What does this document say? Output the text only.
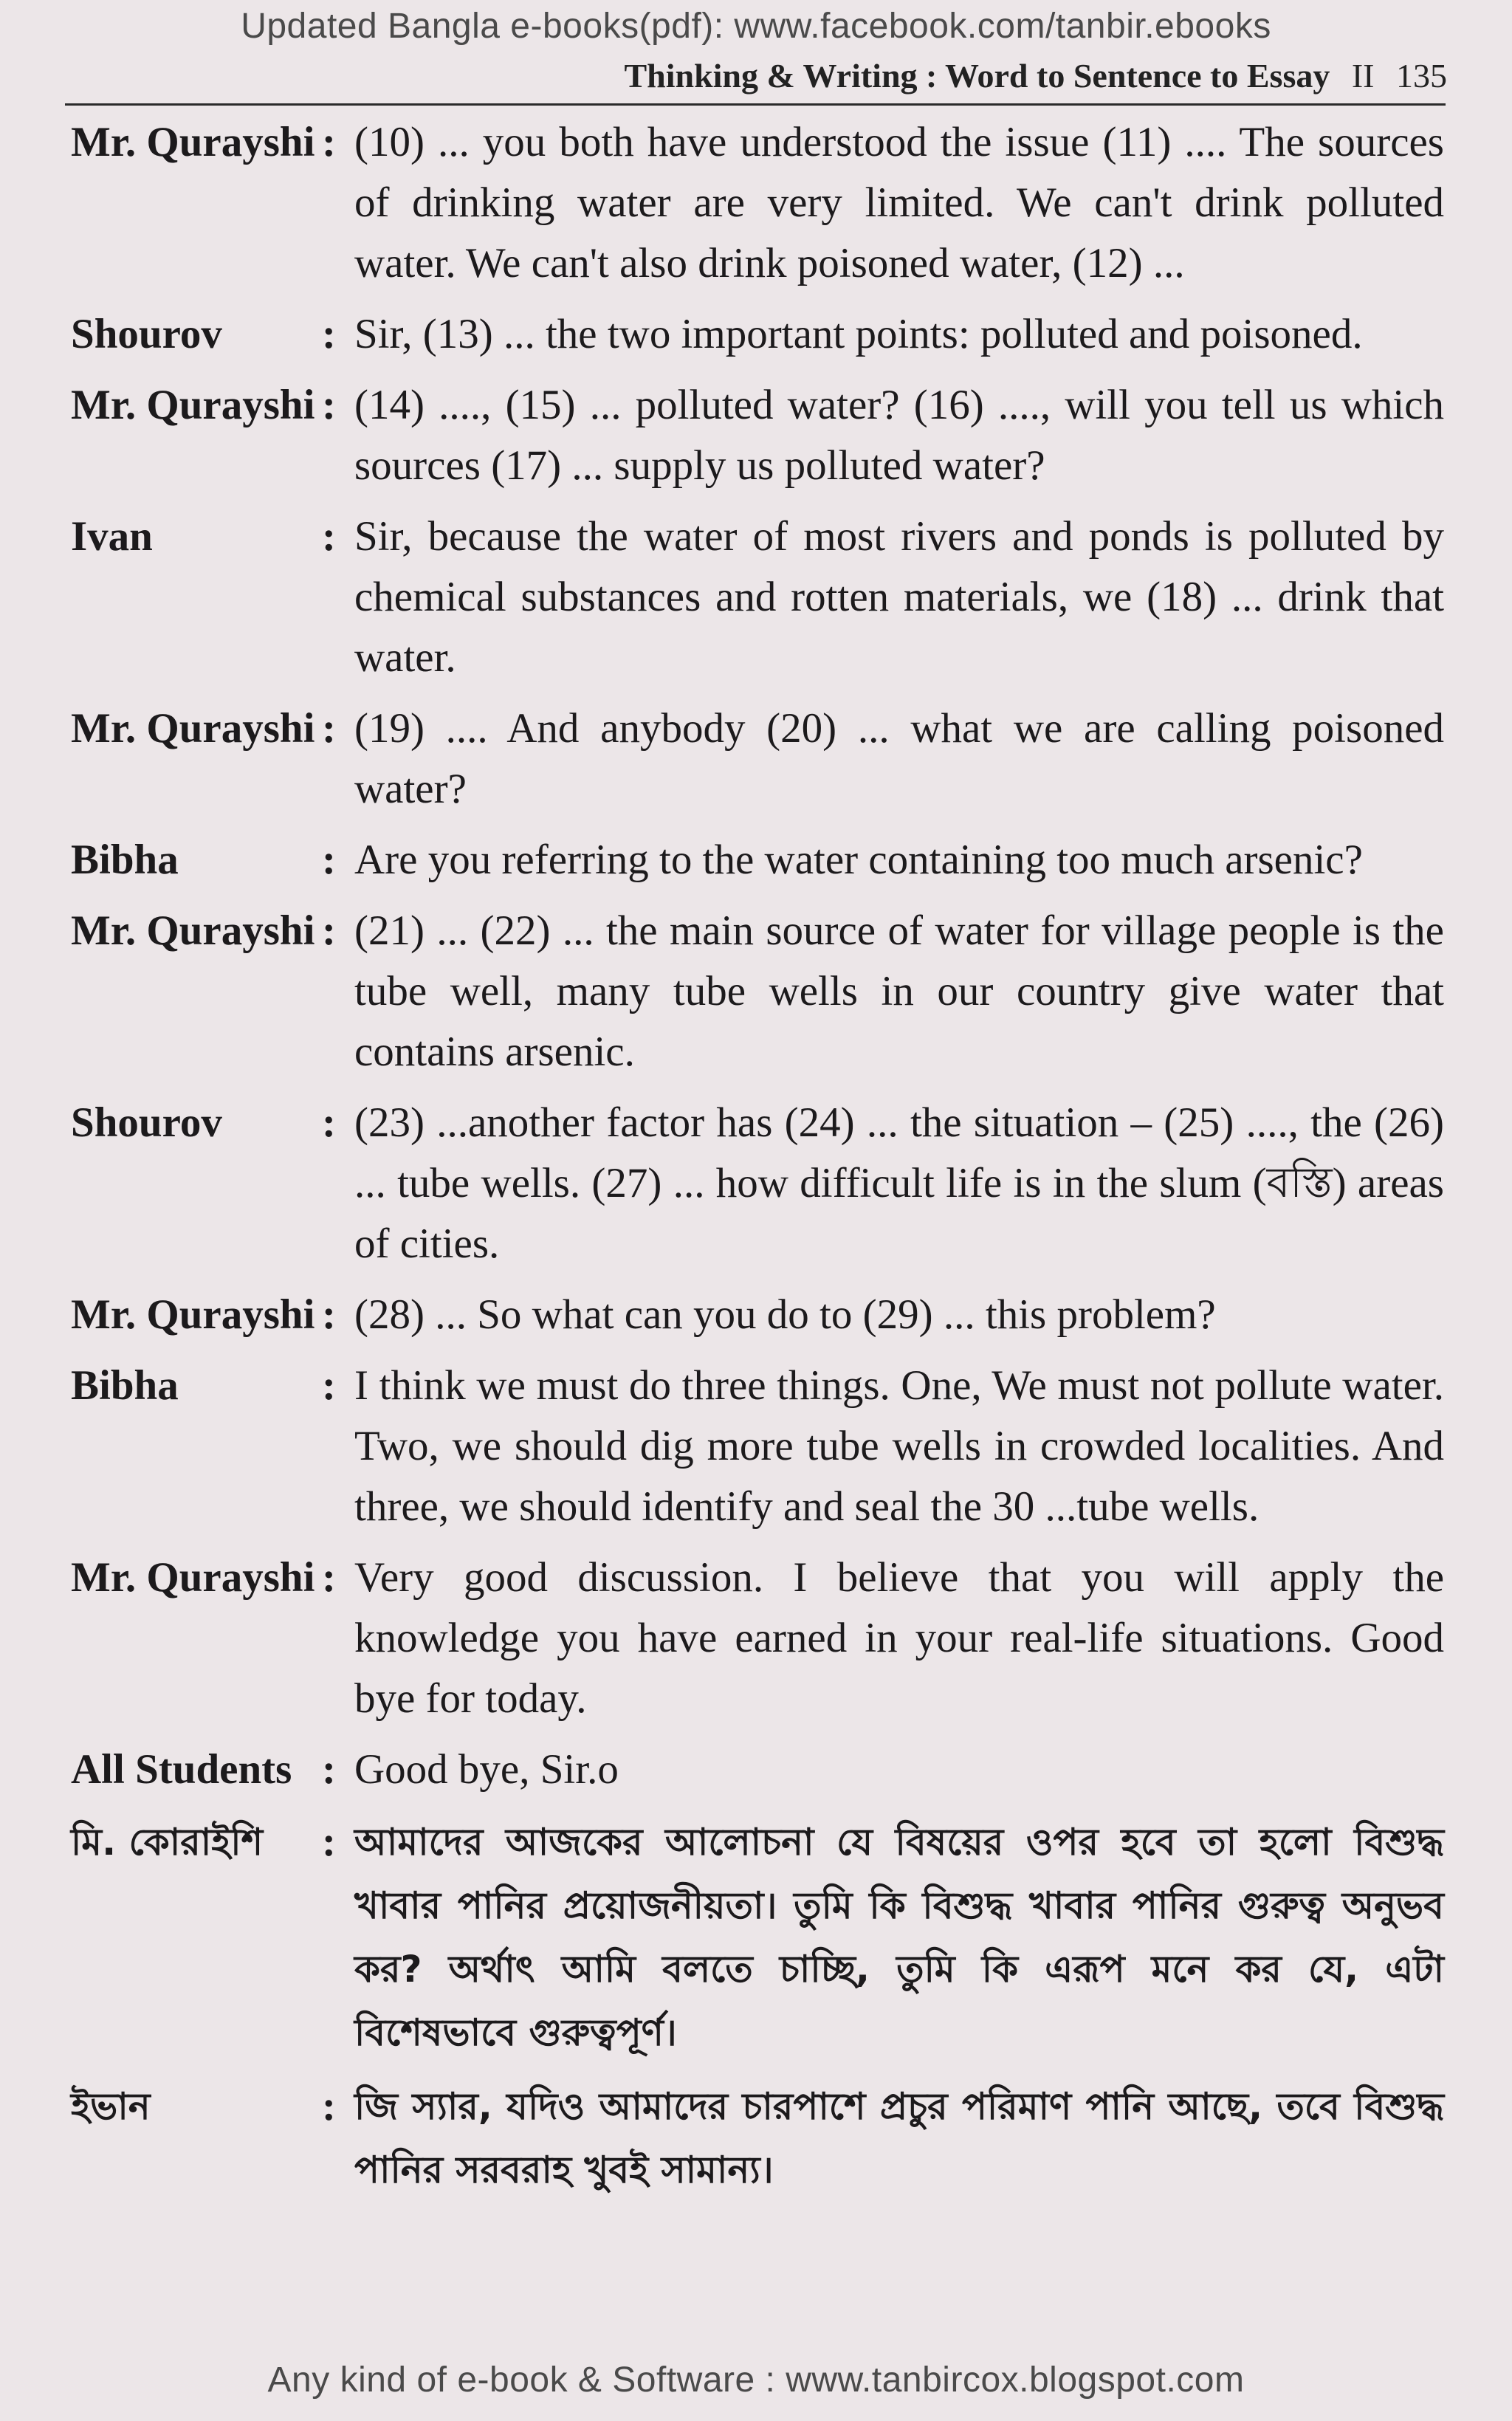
Updated Bangla e-books(pdf): www.facebook.com/tanbir.ebooks
Thinking & Writing : Word to Sentence to Essay II 135
Mr. Qurayshi : (10) ... you both have understood the issue (11) .... The sources of drinking water are very limited. We can't drink polluted water. We can't also drink poisoned water, (12) ...
Shourov	: Sir, (13) ... the two important points: polluted and poisoned.
Mr. Qurayshi : (14) ...., (15) ... polluted water? (16) ...., will you tell us which sources (17) ... supply us polluted water?
Ivan	: Sir, because the water of most rivers and ponds is polluted by chemical substances and rotten materials, we (18) ... drink that water.
Mr. Qurayshi : (19) .... And anybody (20) ... what we are calling poisoned water?
Bibha	: Are you referring to the water containing too much arsenic?
Mr. Qurayshi : (21) ... (22) ... the main source of water for village people is the tube well, many tube wells in our country give water that contains arsenic.
Shourov	: (23) ...another factor has (24) ... the situation – (25) ...., the (26) ... tube wells. (27) ... how difficult life is in the slum (বস্তি) areas of cities.
Mr. Qurayshi : (28) ... So what can you do to (29) ... this problem?
Bibha	: I think we must do three things. One, We must not pollute water. Two, we should dig more tube wells in crowded localities. And three, we should identify and seal the 30 ...tube wells.
Mr. Qurayshi : Very good discussion. I believe that you will apply the knowledge you have earned in your real-life situations. Good bye for today.
All Students : Good bye, Sir.o
মি. কোরাইশি	: আমাদের আজকের আলোচনা যে বিষয়ের ওপর হবে তা হলো বিশুদ্ধ খাবার পানির প্রয়োজনীয়তা। তুমি কি বিশুদ্ধ খাবার পানির গুরুত্ব অনুভব কর? অর্থাৎ আমি বলতে চাচ্ছি, তুমি কি এরূপ মনে কর যে, এটা বিশেষভাবে গুরুত্বপূর্ণ।
ইভান	: জি স্যার, যদিও আমাদের চারপাশে প্রচুর পরিমাণ পানি আছে, তবে বিশুদ্ধ পানির সরবরাহ খুবই সামান্য।
Any kind of e-book & Software : www.tanbircox.blogspot.com
